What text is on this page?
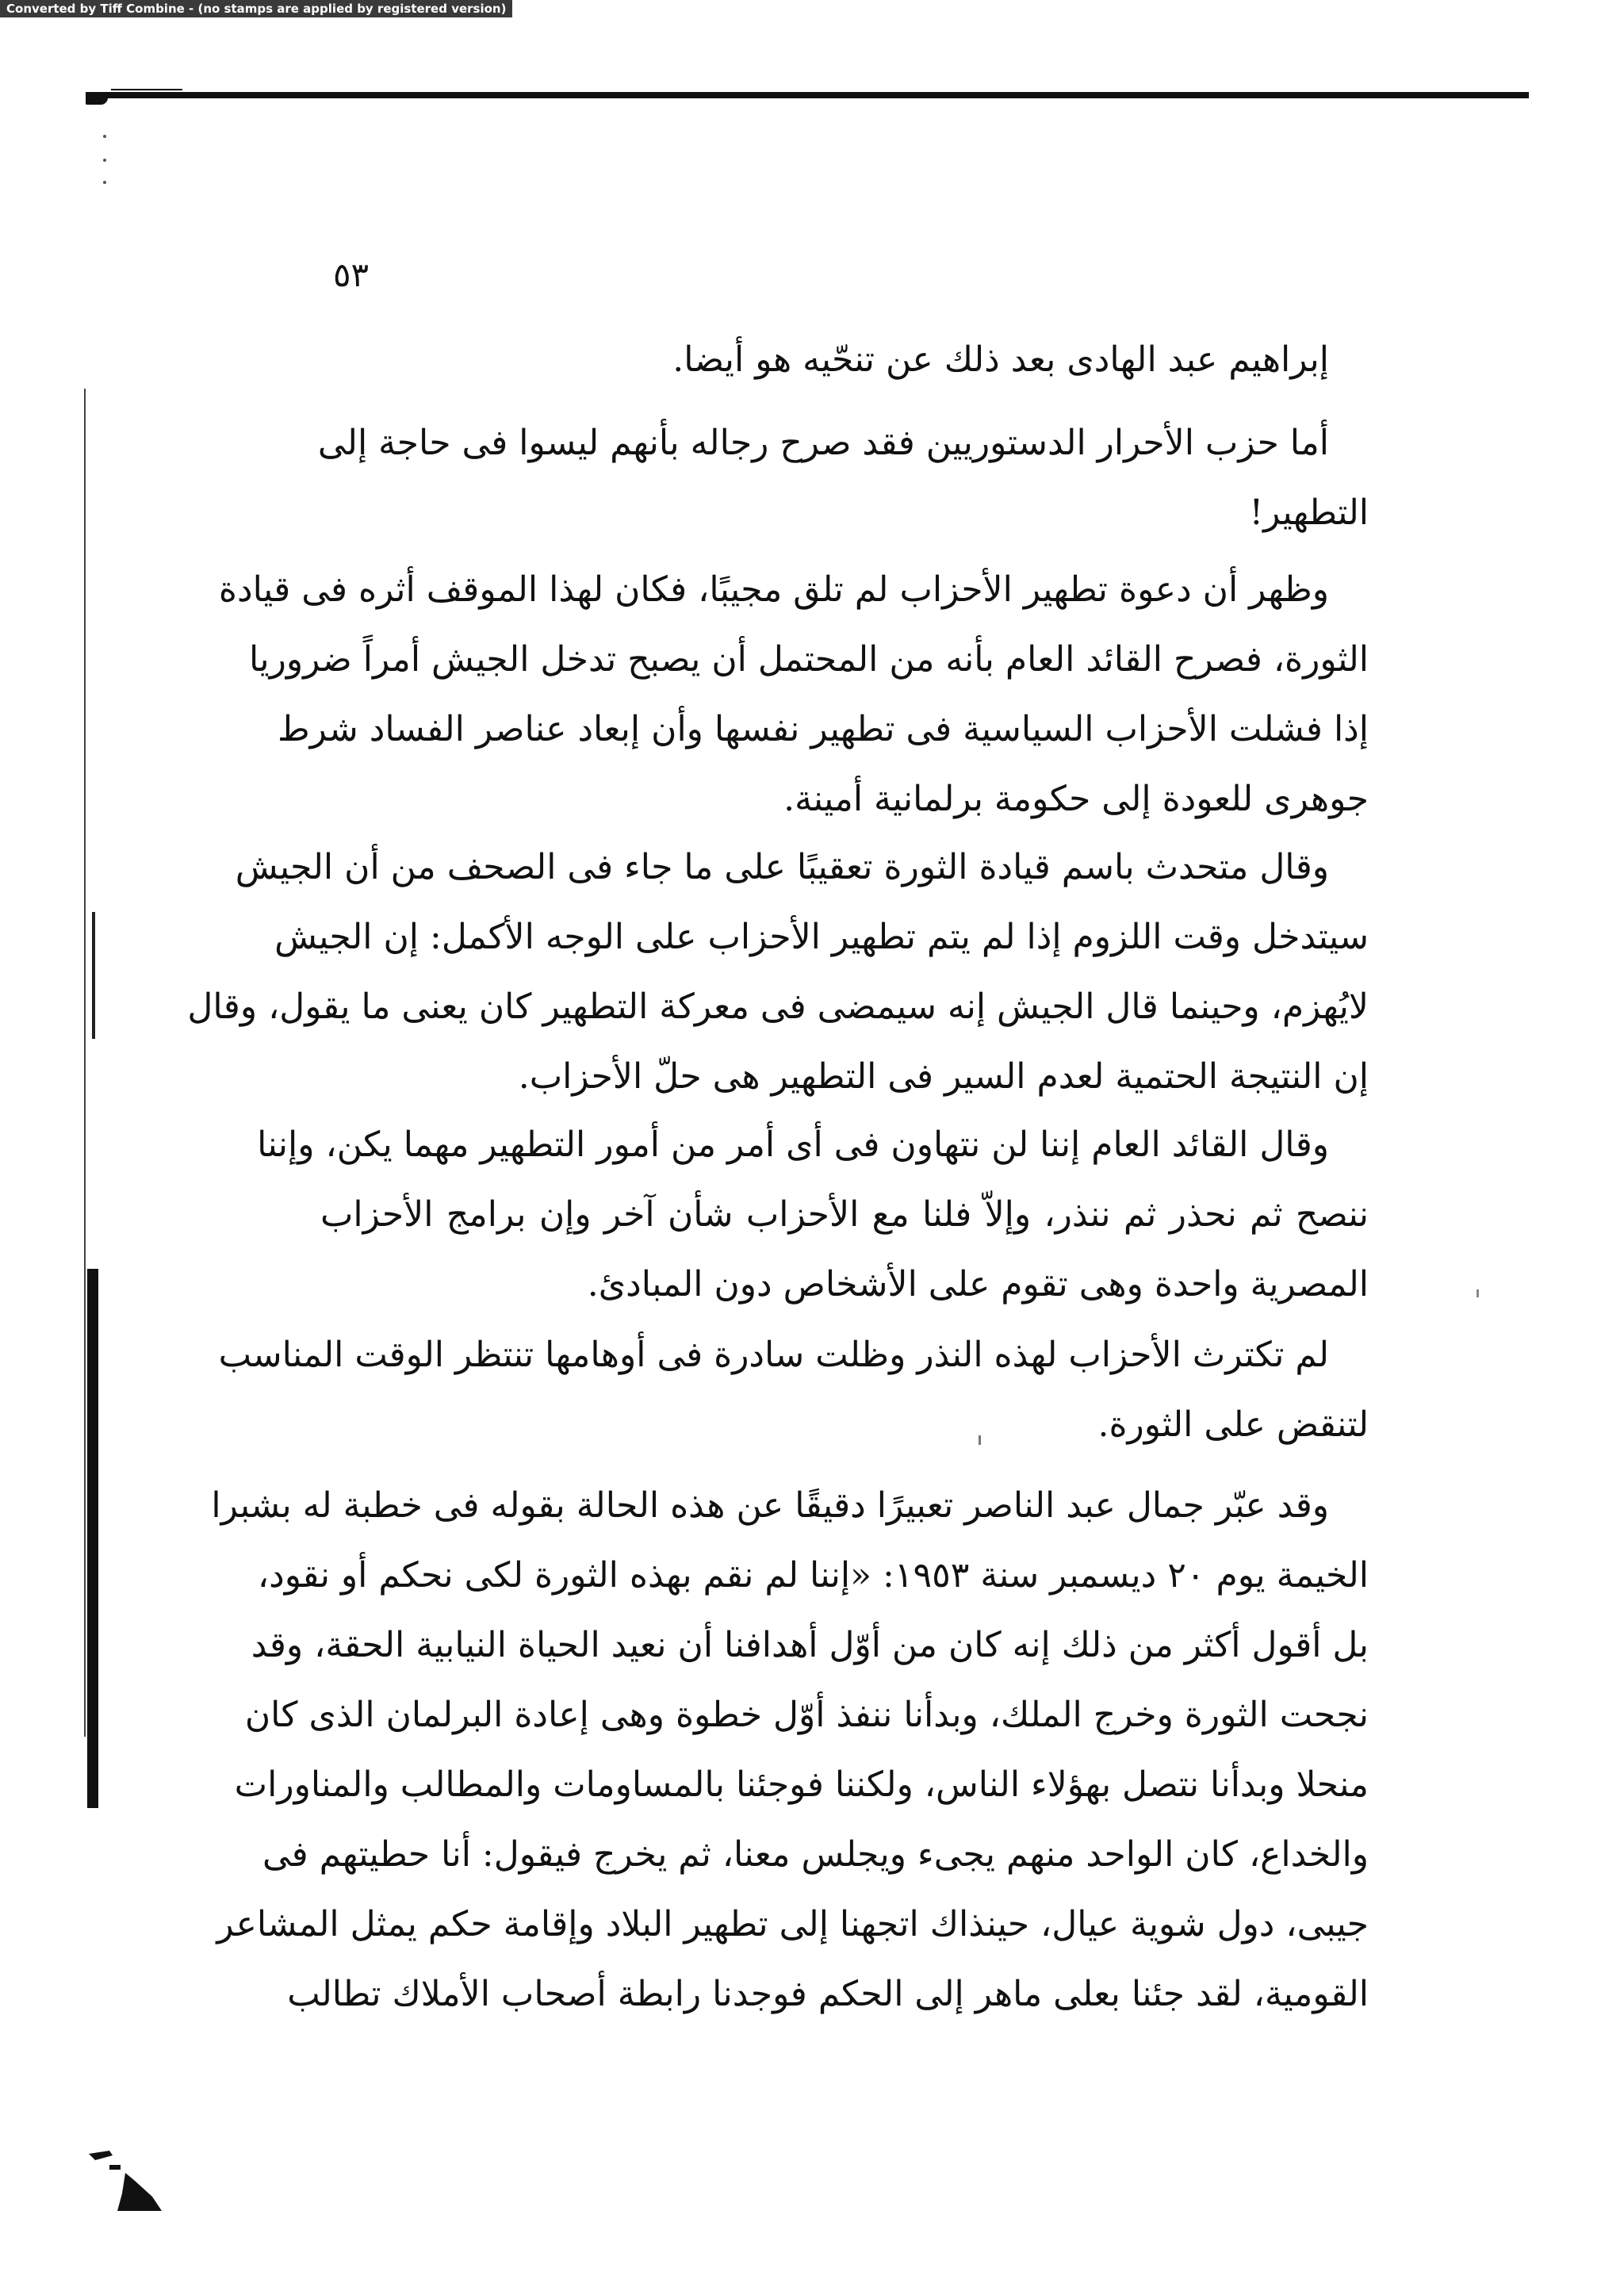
Converted by Tiff Combine - (no stamps are applied by registered version)
٥٣
إبراهيم عبد الهادى بعد ذلك عن تنحّيه هو أيضا.
أما حزب الأحرار الدستوريين فقد صرح رجاله بأنهم ليسوا فى حاجة إلى
التطهير!
وظهر أن دعوة تطهير الأحزاب لم تلق مجيبًا، فكان لهذا الموقف أثره فى قيادة
الثورة، فصرح القائد العام بأنه من المحتمل أن يصبح تدخل الجيش أمراً ضروريا
إذا فشلت الأحزاب السياسية فى تطهير نفسها وأن إبعاد عناصر الفساد شرط
جوهرى للعودة إلى حكومة برلمانية أمينة.
وقال متحدث باسم قيادة الثورة تعقيبًا على ما جاء فى الصحف من أن الجيش
سيتدخل وقت اللزوم إذا لم يتم تطهير الأحزاب على الوجه الأكمل: إن الجيش
لايُهزم، وحينما قال الجيش إنه سيمضى فى معركة التطهير كان يعنى ما يقول، وقال
إن النتيجة الحتمية لعدم السير فى التطهير هى حلّ الأحزاب.
وقال القائد العام إننا لن نتهاون فى أى أمر من أمور التطهير مهما يكن، وإننا
ننصح ثم نحذر ثم ننذر، وإلاّ فلنا مع الأحزاب شأن آخر وإن برامج الأحزاب
المصرية واحدة وهى تقوم على الأشخاص دون المبادئ.
لم تكترث الأحزاب لهذه النذر وظلت سادرة فى أوهامها تنتظر الوقت المناسب
لتنقض على الثورة.
وقد عبّر جمال عبد الناصر تعبيرًا دقيقًا عن هذه الحالة بقوله فى خطبة له بشبرا
الخيمة يوم ٢٠ ديسمبر سنة ١٩٥٣: «إننا لم نقم بهذه الثورة لكى نحكم أو نقود،
بل أقول أكثر من ذلك إنه كان من أوّل أهدافنا أن نعيد الحياة النيابية الحقة، وقد
نجحت الثورة وخرج الملك، وبدأنا ننفذ أوّل خطوة وهى إعادة البرلمان الذى كان
منحلا وبدأنا نتصل بهؤلاء الناس، ولكننا فوجئنا بالمساومات والمطالب والمناورات
والخداع، كان الواحد منهم يجىء ويجلس معنا، ثم يخرج فيقول: أنا حطيتهم فى
جيبى، دول شوية عيال، حينذاك اتجهنا إلى تطهير البلاد وإقامة حكم يمثل المشاعر
القومية، لقد جئنا بعلى ماهر إلى الحكم فوجدنا رابطة أصحاب الأملاك تطالب
